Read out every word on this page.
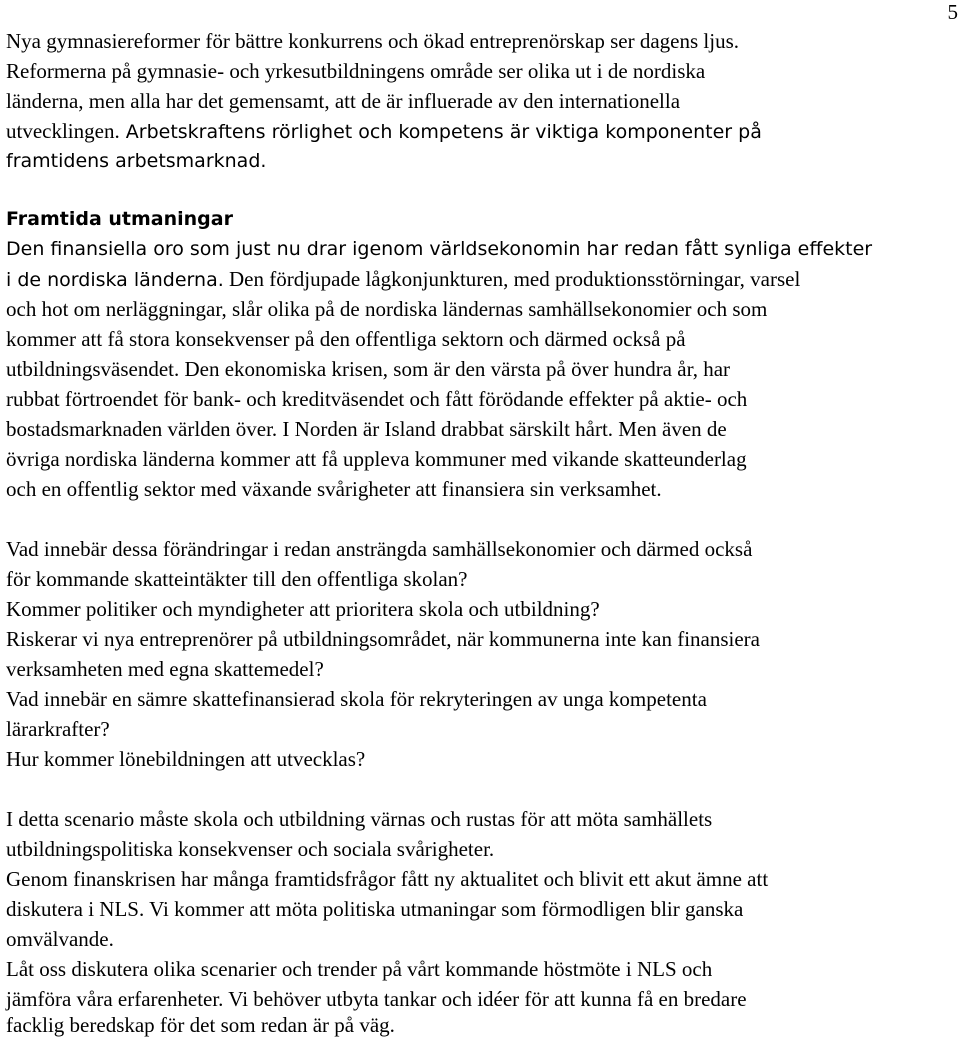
5
Nya gymnasiereformer för bättre konkurrens och ökad entreprenörskap ser dagens ljus.
Reformerna på gymnasie- och yrkesutbildningens område ser olika ut i de nordiska
länderna, men alla har det gemensamt, att de är influerade av den internationella
utvecklingen. Arbetskraftens rörlighet och kompetens är viktiga komponenter på
framtidens arbetsmarknad.
Framtida utmaningar
Den finansiella oro som just nu drar igenom världsekonomin har redan fått synliga effekter
i de nordiska länderna. Den fördjupade lågkonjunkturen, med produktionsstörningar, varsel
och hot om nerläggningar, slår olika på de nordiska ländernas samhällsekonomier och som
kommer att få stora konsekvenser på den offentliga sektorn och därmed också på
utbildningsväsendet. Den ekonomiska krisen, som är den värsta på över hundra år, har
rubbat förtroendet för bank- och kreditväsendet och fått förödande effekter på aktie- och
bostadsmarknaden världen över. I Norden är Island drabbat särskilt hårt. Men även de
övriga nordiska länderna kommer att få uppleva kommuner med vikande skatteunderlag
och en offentlig sektor med växande svårigheter att finansiera sin verksamhet.
Vad innebär dessa förändringar i redan ansträngda samhällsekonomier och därmed också
för kommande skatteintäkter till den offentliga skolan?
Kommer politiker och myndigheter att prioritera skola och utbildning?
Riskerar vi nya entreprenörer på utbildningsområdet, när kommunerna inte kan finansiera
verksamheten med egna skattemedel?
Vad innebär en sämre skattefinansierad skola för rekryteringen av unga kompetenta
lärarkrafter?
Hur kommer lönebildningen att utvecklas?
I detta scenario måste skola och utbildning värnas och rustas för att möta samhällets
utbildningspolitiska konsekvenser och sociala svårigheter.
Genom finanskrisen har många framtidsfrågor fått ny aktualitet och blivit ett akut ämne att
diskutera i NLS. Vi kommer att möta politiska utmaningar som förmodligen blir ganska
omvälvande.
Låt oss diskutera olika scenarier och trender på vårt kommande höstmöte i NLS och
jämföra våra erfarenheter. Vi behöver utbyta tankar och idéer för att kunna få en bredare
facklig beredskap för det som redan är på väg.
